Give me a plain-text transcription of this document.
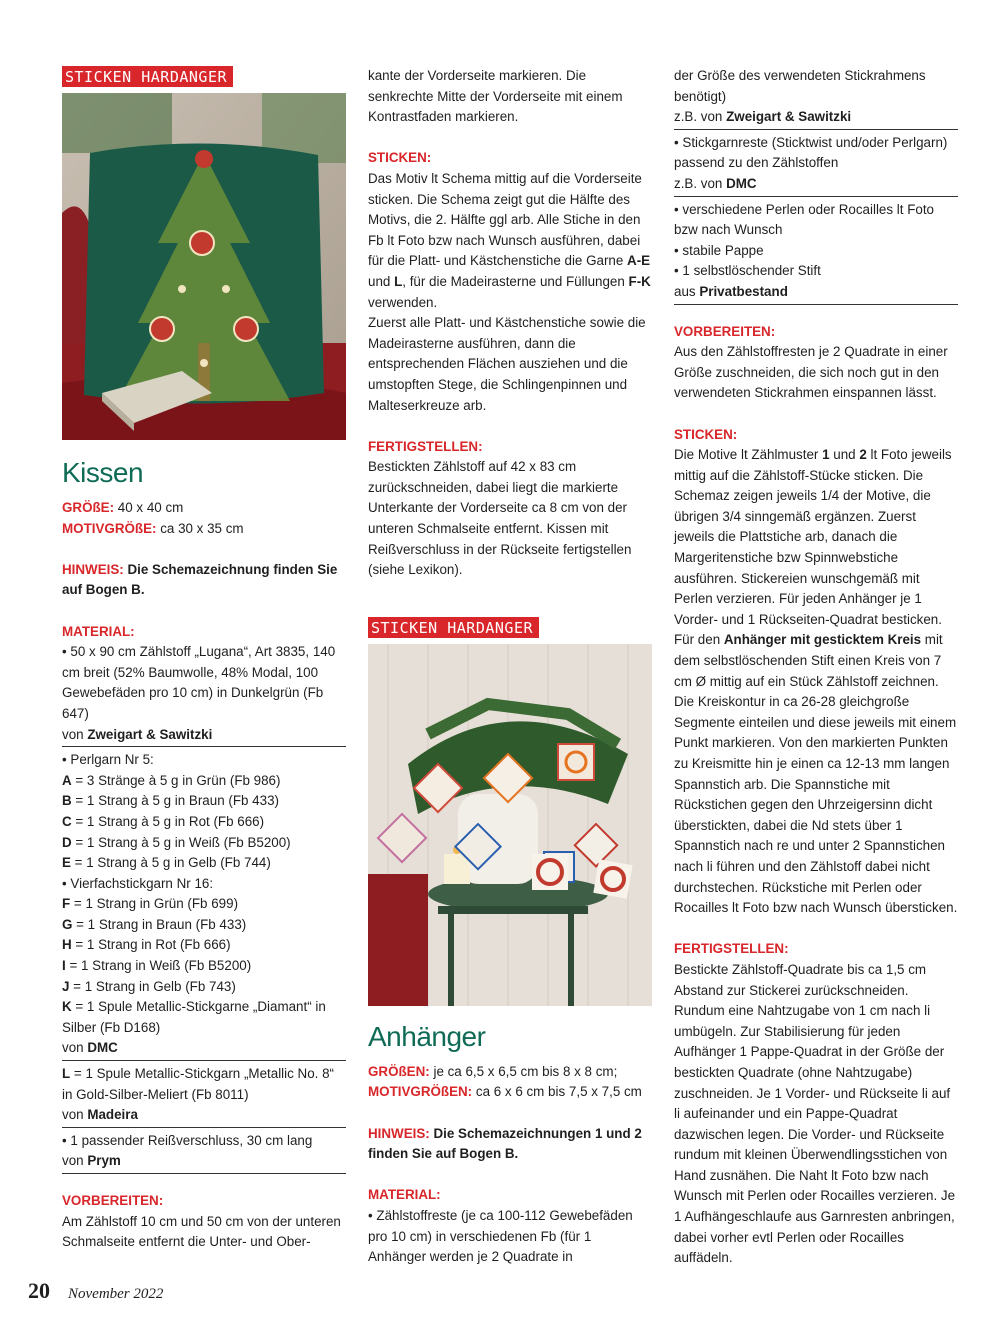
STICKEN HARDANGER

Kissen

GRÖßE: 40 x 40 cm

MOTIVGRÖßE: ca 30 x 35 cm

HINWEIS: Die Schemazeichnung finden Sie auf Bogen B.

MATERIAL:

• 50 x 90 cm Zählstoff „Lugana“, Art 3835, 140 cm breit (52% Baumwolle, 48% Modal, 100 Gewebefäden pro 10 cm) in Dunkelgrün (Fb 647)

von Zweigart & Sawitzki

• Perlgarn Nr 5:

A = 3 Stränge à 5 g in Grün (Fb 986)

B = 1 Strang à 5 g in Braun (Fb 433)

C = 1 Strang à 5 g in Rot (Fb 666)

D = 1 Strang à 5 g in Weiß (Fb B5200)

E = 1 Strang à 5 g in Gelb (Fb 744)

• Vierfachstickgarn Nr 16:

F = 1 Strang in Grün (Fb 699)

G = 1 Strang in Braun (Fb 433)

H = 1 Strang in Rot (Fb 666)

I = 1 Strang in Weiß (Fb B5200)

J = 1 Strang in Gelb (Fb 743)

K = 1 Spule Metallic-Stickgarne „Diamant“ in Silber (Fb D168)

von DMC

L = 1 Spule Metallic-Stickgarn „Metallic No. 8“ in Gold-Silber-Meliert (Fb 8011)

von Madeira

• 1 passender Reißverschluss, 30 cm lang

von Prym

VORBEREITEN:

Am Zählstoff 10 cm und 50 cm von der unteren Schmalseite entfernt die Unter- und Ober-

kante der Vorderseite markieren. Die senkrechte Mitte der Vorderseite mit einem Kontrastfaden markieren.

STICKEN:

Das Motiv lt Schema mittig auf die Vorderseite sticken. Die Schema zeigt gut die Hälfte des Motivs, die 2. Hälfte ggl arb. Alle Stiche in den Fb lt Foto bzw nach Wunsch ausführen, dabei für die Platt- und Kästchenstiche die Garne A-E und L, für die Madeirasterne und Füllungen F-K verwenden.

Zuerst alle Platt- und Kästchenstiche sowie die Madeirasterne ausführen, dann die entsprechenden Flächen ausziehen und die umstopften Stege, die Schlingenpinnen und Malteserkreuze arb.

FERTIGSTELLEN:

Bestickten Zählstoff auf 42 x 83 cm zurückschneiden, dabei liegt die markierte Unterkante der Vorderseite ca 8 cm von der unteren Schmalseite entfernt. Kissen mit Reißverschluss in der Rückseite fertigstellen (siehe Lexikon).

STICKEN HARDANGER

Anhänger

GRÖßEN: je ca 6,5 x 6,5 cm bis 8 x 8 cm;

MOTIVGRÖßEN: ca 6 x 6 cm bis 7,5 x 7,5 cm

HINWEIS: Die Schemazeichnungen 1 und 2 finden Sie auf Bogen B.

MATERIAL:

• Zählstoffreste (je ca 100-112 Gewebefäden pro 10 cm) in verschiedenen Fb (für 1 Anhänger werden je 2 Quadrate in

der Größe des verwendeten Stickrahmens benötigt)

z.B. von Zweigart & Sawitzki

• Stickgarnreste (Sticktwist und/oder Perlgarn) passend zu den Zählstoffen

z.B. von DMC

• verschiedene Perlen oder Rocailles lt Foto bzw nach Wunsch

• stabile Pappe

• 1 selbstlöschender Stift

aus Privatbestand

VORBEREITEN:

Aus den Zählstoffresten je 2 Quadrate in einer Größe zuschneiden, die sich noch gut in den verwendeten Stickrahmen einspannen lässt.

STICKEN:

Die Motive lt Zählmuster 1 und 2 lt Foto jeweils mittig auf die Zählstoff-Stücke sticken. Die Schemaz zeigen jeweils 1/4 der Motive, die übrigen 3/4 sinngemäß ergänzen. Zuerst jeweils die Plattstiche arb, danach die Margeritenstiche bzw Spinnwebstiche ausführen. Stickereien wunschgemäß mit Perlen verzieren. Für jeden Anhänger je 1 Vorder- und 1 Rückseiten-Quadrat besticken.

Für den Anhänger mit gesticktem Kreis mit dem selbstlöschenden Stift einen Kreis von 7 cm Ø mittig auf ein Stück Zählstoff zeichnen. Die Kreiskontur in ca 26-28 gleichgroße Segmente einteilen und diese jeweils mit einem Punkt markieren. Von den markierten Punkten zu Kreismitte hin je einen ca 12-13 mm langen Spannstich arb. Die Spannstiche mit Rückstichen gegen den Uhrzeigersinn dicht überstickten, dabei die Nd stets über 1 Spannstich nach re und unter 2 Spannstichen nach li führen und den Zählstoff dabei nicht durchstechen. Rückstiche mit Perlen oder Rocailles lt Foto bzw nach Wunsch übersticken.

FERTIGSTELLEN:

Bestickte Zählstoff-Quadrate bis ca 1,5 cm Abstand zur Stickerei zurückschneiden. Rundum eine Nahtzugabe von 1 cm nach li umbügeln. Zur Stabilisierung für jeden Aufhänger 1 Pappe-Quadrat in der Größe der bestickten Quadrate (ohne Nahtzugabe) zuschneiden. Je 1 Vorder- und Rückseite li auf li aufeinander und ein Pappe-Quadrat dazwischen legen. Die Vorder- und Rückseite rundum mit kleinen Überwendlingsstichen von Hand zusnähen. Die Naht lt Foto bzw nach Wunsch mit Perlen oder Rocailles verzieren. Je 1 Aufhängeschlaufe aus Garnresten anbringen, dabei vorher evtl Perlen oder Rocailles auffädeln.

20 November 2022
